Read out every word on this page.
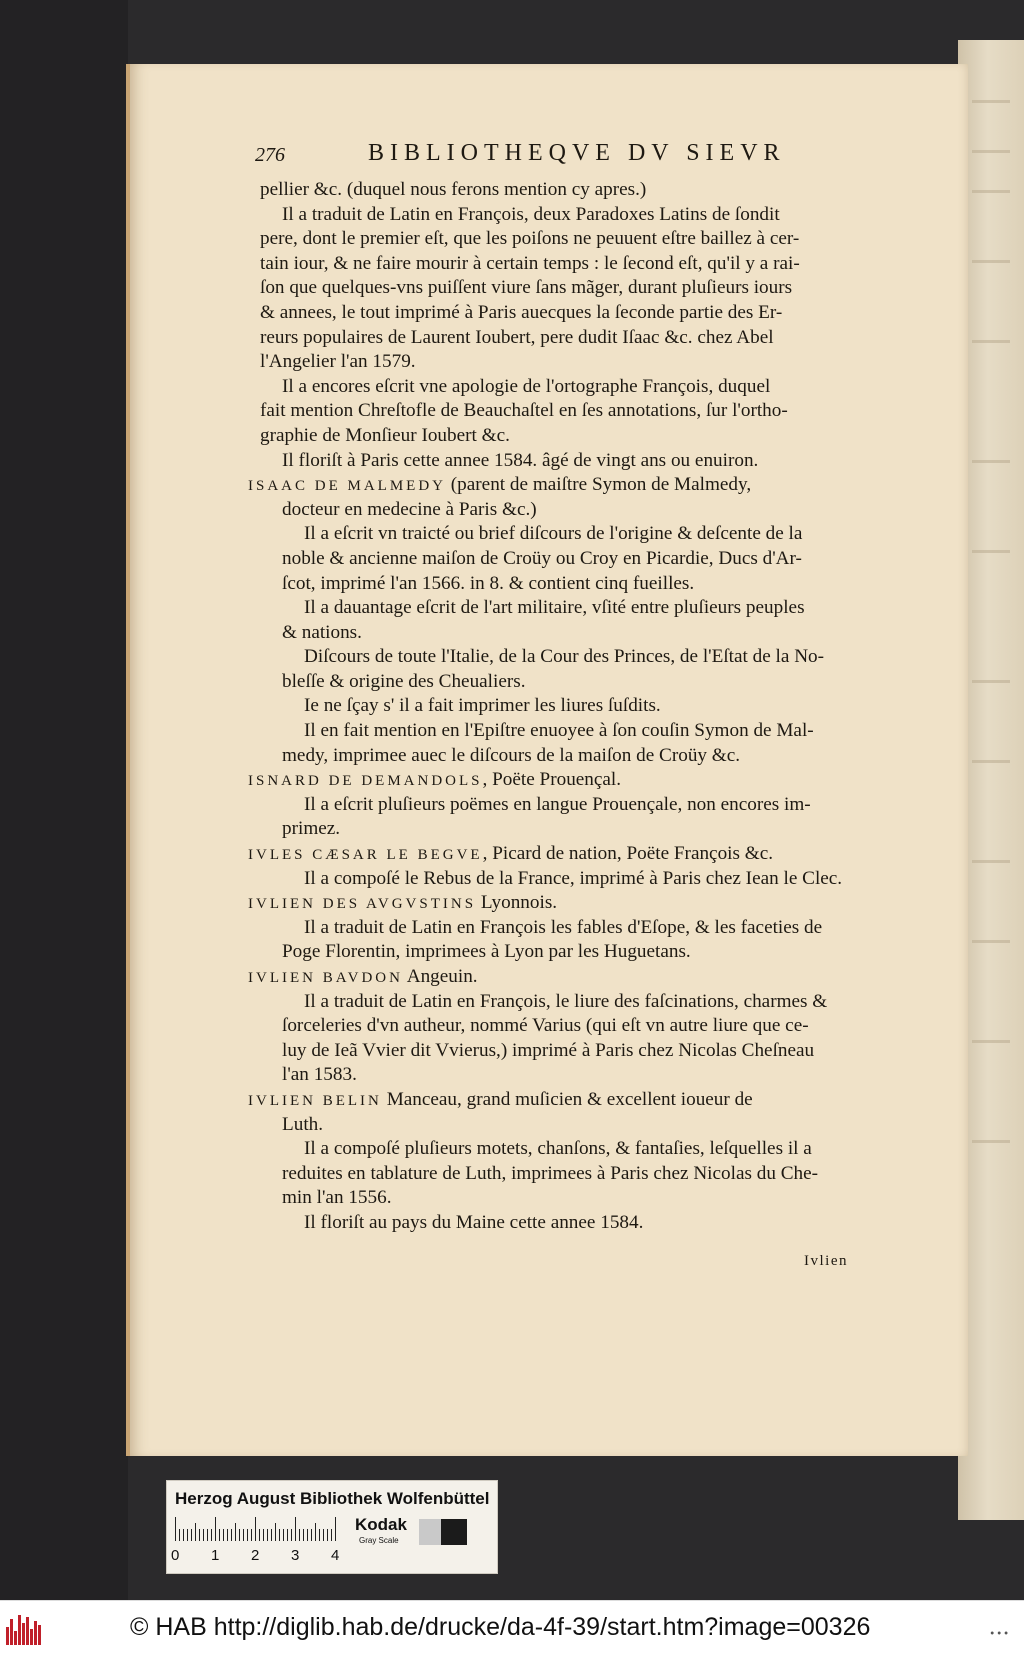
276	BIBLIOTHEQVE DV SIEVR
pellier &c. (duquel nous ferons mention cy apres.)
Il a traduit de Latin en François, deux Paradoxes Latins de ſondit
pere, dont le premier eſt, que les poiſons ne peuuent eſtre baillez à cer-
tain iour, & ne faire mourir à certain temps : le ſecond eſt, qu'il y a rai-
ſon que quelques-vns puiſſent viure ſans mãger, durant pluſieurs iours
& annees, le tout imprimé à Paris auecques la ſeconde partie des Er-
reurs populaires de Laurent Ioubert, pere dudit Iſaac &c. chez Abel
l'Angelier l'an 1579.
Il a encores eſcrit vne apologie de l'ortographe François, duquel
fait mention Chreſtofle de Beauchaſtel en ſes annotations, ſur l'ortho-
graphie de Monſieur Ioubert &c.
Il floriſt à Paris cette annee 1584. âgé de vingt ans ou enuiron.
ISAAC DE MALMEDY (parent de maiſtre Symon de Malmedy,
docteur en medecine à Paris &c.)
Il a eſcrit vn traicté ou brief diſcours de l'origine & deſcente de la
noble & ancienne maiſon de Croüy ou Croy en Picardie, Ducs d'Ar-
ſcot, imprimé l'an 1566. in 8. & contient cinq fueilles.
Il a dauantage eſcrit de l'art militaire, vſité entre pluſieurs peuples
& nations.
Diſcours de toute l'Italie, de la Cour des Princes, de l'Eſtat de la No-
bleſſe & origine des Cheualiers.
Ie ne ſçay s' il a fait imprimer les liures ſuſdits.
Il en fait mention en l'Epiſtre enuoyee à ſon couſin Symon de Mal-
medy, imprimee auec le diſcours de la maiſon de Croüy &c.
ISNARD DE DEMANDOLS, Poëte Prouençal.
Il a eſcrit pluſieurs poëmes en langue Prouençale, non encores im-
primez.
IVLES CÆSAR LE BEGVE, Picard de nation, Poëte François &c.
Il a compoſé le Rebus de la France, imprimé à Paris chez Iean le Clec.
IVLIEN DES AVGVSTINS Lyonnois.
Il a traduit de Latin en François les fables d'Eſope, & les faceties de
Poge Florentin, imprimees à Lyon par les Huguetans.
IVLIEN BAVDON Angeuin.
Il a traduit de Latin en François, le liure des faſcinations, charmes &
ſorceleries d'vn autheur, nommé Varius (qui eſt vn autre liure que ce-
luy de Ieã Vvier dit Vvierus,) imprimé à Paris chez Nicolas Cheſneau
l'an 1583.
IVLIEN BELIN Manceau, grand muſicien & excellent ioueur de
Luth.
Il a compoſé pluſieurs motets, chanſons, & fantaſies, leſquelles il a
reduites en tablature de Luth, imprimees à Paris chez Nicolas du Che-
min l'an 1556.
Il floriſt au pays du Maine cette annee 1584.
Ivlien
Herzog August Bibliothek Wolfenbüttel
0 1 2 3 4
Kodak
Gray Scale
© HAB http://diglib.hab.de/drucke/da-4f-39/start.htm?image=00326	•••
